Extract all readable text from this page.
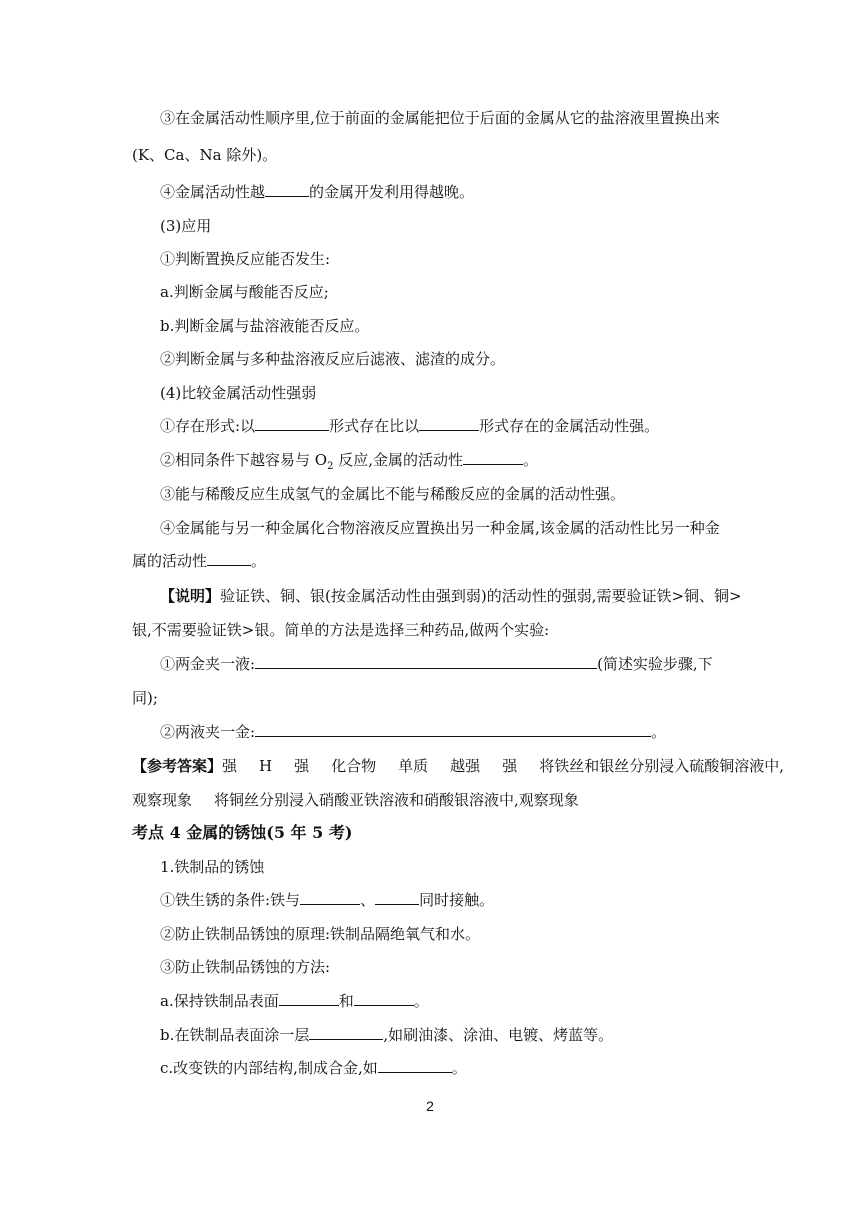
③在金属活动性顺序里,位于前面的金属能把位于后面的金属从它的盐溶液里置换出来
(K、Ca、Na 除外)。
④金属活动性越	的金属开发利用得越晚。
(3)应用
①判断置换反应能否发生:
a.判断金属与酸能否反应;
b.判断金属与盐溶液能否反应。
②判断金属与多种盐溶液反应后滤液、滤渣的成分。
(4)比较金属活动性强弱
①存在形式:以	形式存在比以	形式存在的金属活动性强。
②相同条件下越容易与 $O_2$ 反应,金属的活动性	。
③能与稀酸反应生成氢气的金属比不能与稀酸反应的金属的活动性强。
④金属能与另一种金属化合物溶液反应置换出另一种金属,该金属的活动性比另一种金
属的活动性	。
【说明】验证铁、铜、银(按金属活动性由强到弱)的活动性的强弱,需要验证铁>铜、铜>
银,不需要验证铁>银。简单的方法是选择三种药品,做两个实验:
①两金夹一液:	(简述实验步骤,下
同);
②两液夹一金:	。
【参考答案】强 H 强 化合物 单质 越强 强 将铁丝和银丝分别浸入硫酸铜溶液中,
观察现象 将铜丝分别浸入硝酸亚铁溶液和硝酸银溶液中,观察现象
考点 4 金属的锈蚀(5 年 5 考)
1.铁制品的锈蚀
①铁生锈的条件:铁与	、	同时接触。
②防止铁制品锈蚀的原理:铁制品隔绝氧气和水。
③防止铁制品锈蚀的方法:
a.保持铁制品表面	和	。
b.在铁制品表面涂一层	,如刷油漆、涂油、电镀、烤蓝等。
c.改变铁的内部结构,制成合金,如	。
2
